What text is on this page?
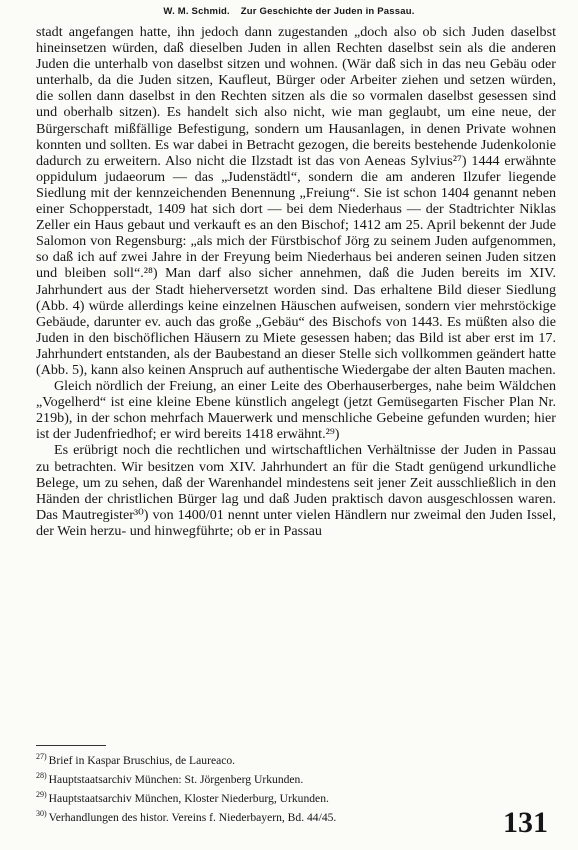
W. M. Schmid. Zur Geschichte der Juden in Passau.

stadt angefangen hatte, ihn jedoch dann zugestanden „doch also ob sich Juden daselbst hineinsetzen würden, daß dieselben Juden in allen Rechten daselbst sein als die anderen Juden die unterhalb von daselbst sitzen und wohnen. (Wär daß sich in das neu Gebäu oder unterhalb, da die Juden sitzen, Kaufleut, Bürger oder Arbeiter ziehen und setzen würden, die sollen dann daselbst in den Rechten sitzen als die so vormalen daselbst gesessen sind und oberhalb sitzen). Es handelt sich also nicht, wie man geglaubt, um eine neue, der Bürgerschaft mißfällige Befestigung, sondern um Hausanlagen, in denen Private wohnen konnten und sollten. Es war dabei in Betracht gezogen, die bereits bestehende Judenkolonie dadurch zu erweitern. Also nicht die Ilzstadt ist das von Aeneas Sylvius²⁷) 1444 erwähnte oppidulum judaeorum — das „Judenstädtl“, sondern die am anderen Ilzufer liegende Siedlung mit der kennzeichenden Benennung „Freiung“. Sie ist schon 1404 genannt neben einer Schopperstadt, 1409 hat sich dort — bei dem Niederhaus — der Stadtrichter Niklas Zeller ein Haus gebaut und verkauft es an den Bischof; 1412 am 25. April bekennt der Jude Salomon von Regensburg: „als mich der Fürstbischof Jörg zu seinem Juden aufgenommen, so daß ich auf zwei Jahre in der Freyung beim Niederhaus bei anderen seinen Juden sitzen und bleiben soll“.²⁸) Man darf also sicher annehmen, daß die Juden bereits im XIV. Jahrhundert aus der Stadt hieherversetzt worden sind. Das erhaltene Bild dieser Siedlung (Abb. 4) würde allerdings keine einzelnen Häuschen aufweisen, sondern vier mehrstöckige Gebäude, darunter ev. auch das große „Gebäu“ des Bischofs von 1443. Es müßten also die Juden in den bischöflichen Häusern zu Miete gesessen haben; das Bild ist aber erst im 17. Jahrhundert entstanden, als der Baubestand an dieser Stelle sich vollkommen geändert hatte (Abb. 5), kann also keinen Anspruch auf authentische Wiedergabe der alten Bauten machen.

Gleich nördlich der Freiung, an einer Leite des Oberhauserberges, nahe beim Wäldchen „Vogelherd“ ist eine kleine Ebene künstlich angelegt (jetzt Gemüsegarten Fischer Plan Nr. 219b), in der schon mehrfach Mauerwerk und menschliche Gebeine gefunden wurden; hier ist der Judenfriedhof; er wird bereits 1418 erwähnt.²⁹)

Es erübrigt noch die rechtlichen und wirtschaftlichen Verhältnisse der Juden in Passau zu betrachten. Wir besitzen vom XIV. Jahrhundert an für die Stadt genügend urkundliche Belege, um zu sehen, daß der Warenhandel mindestens seit jener Zeit ausschließlich in den Händen der christlichen Bürger lag und daß Juden praktisch davon ausgeschlossen waren. Das Mautregister³⁰) von 1400/01 nennt unter vielen Händlern nur zweimal den Juden Issel, der Wein herzu- und hinwegführte; ob er in Passau

$^{27)}$ Brief in Kaspar Bruschius, de Laureaco.
$^{28)}$ Hauptstaatsarchiv München: St. Jörgenberg Urkunden.
$^{29)}$ Hauptstaatsarchiv München, Kloster Niederburg, Urkunden.
$^{30)}$ Verhandlungen des histor. Vereins f. Niederbayern, Bd. 44/45.	131
